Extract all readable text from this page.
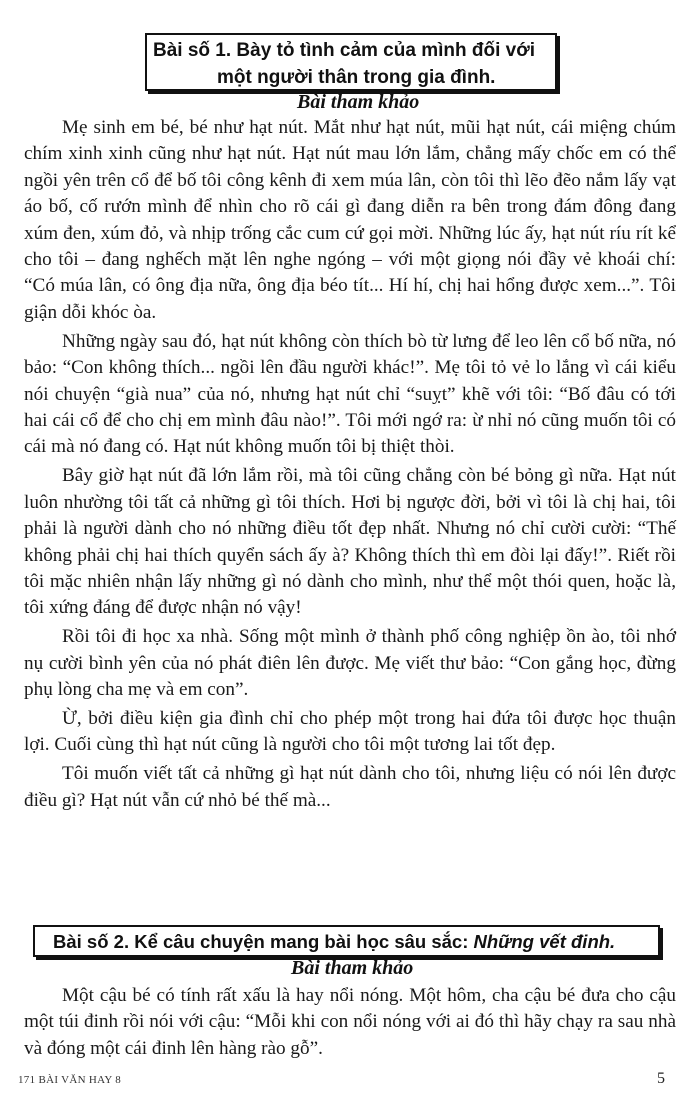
Bài số 1. Bày tỏ tình cảm của mình đối với
một người thân trong gia đình.
Bài tham khảo

Mẹ sinh em bé, bé như hạt nút. Mắt như hạt nút, mũi hạt nút, cái miệng chúm chím xinh xinh cũng như hạt nút. Hạt nút mau lớn lắm, chẳng mấy chốc em có thể ngồi yên trên cổ để bố tôi công kênh đi xem múa lân, còn tôi thì lẽo đẽo nắm lấy vạt áo bố, cố rướn mình để nhìn cho rõ cái gì đang diễn ra bên trong đám đông đang xúm đen, xúm đỏ, và nhịp trống cắc cum cứ gọi mời. Những lúc ấy, hạt nút ríu rít kể cho tôi – đang nghếch mặt lên nghe ngóng – với một giọng nói đầy vẻ khoái chí: “Có múa lân, có ông địa nữa, ông địa béo tít... Hí hí, chị hai hổng được xem...”. Tôi giận dỗi khóc òa.

Những ngày sau đó, hạt nút không còn thích bò từ lưng để leo lên cổ bố nữa, nó bảo: “Con không thích... ngồi lên đầu người khác!”. Mẹ tôi tỏ vẻ lo lắng vì cái kiểu nói chuyện “già nua” của nó, nhưng hạt nút chỉ “suỵt” khẽ với tôi: “Bố đâu có tới hai cái cổ để cho chị em mình đâu nào!”. Tôi mới ngớ ra: ừ nhỉ nó cũng muốn tôi có cái mà nó đang có. Hạt nút không muốn tôi bị thiệt thòi.

Bây giờ hạt nút đã lớn lắm rồi, mà tôi cũng chẳng còn bé bỏng gì nữa. Hạt nút luôn nhường tôi tất cả những gì tôi thích. Hơi bị ngược đời, bởi vì tôi là chị hai, tôi phải là người dành cho nó những điều tốt đẹp nhất. Nhưng nó chỉ cười cười: “Thế không phải chị hai thích quyển sách ấy à? Không thích thì em đòi lại đấy!”. Riết rồi tôi mặc nhiên nhận lấy những gì nó dành cho mình, như thể một thói quen, hoặc là, tôi xứng đáng để được nhận nó vậy!

Rồi tôi đi học xa nhà. Sống một mình ở thành phố công nghiệp ồn ào, tôi nhớ nụ cười bình yên của nó phát điên lên được. Mẹ viết thư bảo: “Con gắng học, đừng phụ lòng cha mẹ và em con”.

Ừ, bởi điều kiện gia đình chỉ cho phép một trong hai đứa tôi được học thuận lợi. Cuối cùng thì hạt nút cũng là người cho tôi một tương lai tốt đẹp.

Tôi muốn viết tất cả những gì hạt nút dành cho tôi, nhưng liệu có nói lên được điều gì? Hạt nút vẫn cứ nhỏ bé thế mà...

Bài số 2. Kể câu chuyện mang bài học sâu sắc: Những vết đinh.
Bài tham khảo

Một cậu bé có tính rất xấu là hay nổi nóng. Một hôm, cha cậu bé đưa cho cậu một túi đinh rồi nói với cậu: “Mỗi khi con nổi nóng với ai đó thì hãy chạy ra sau nhà và đóng một cái đinh lên hàng rào gỗ”.

171 BÀI VĂN HAY 8	5
